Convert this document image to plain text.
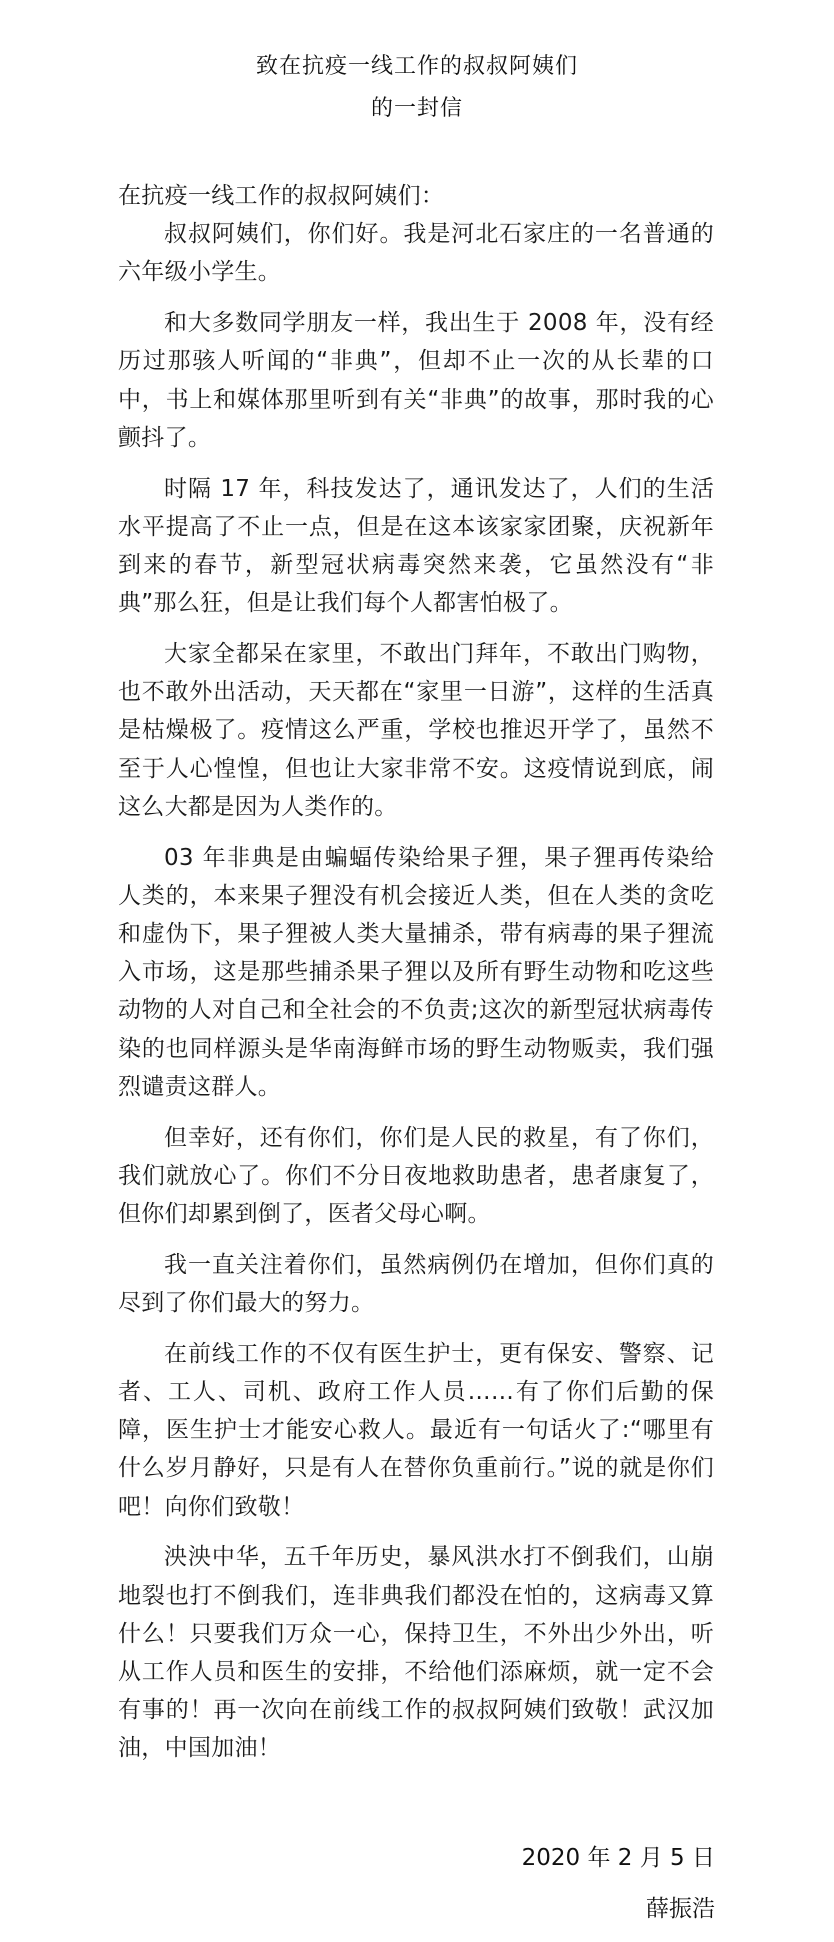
致在抗疫一线工作的叔叔阿姨们
的一封信

在抗疫一线工作的叔叔阿姨们：

叔叔阿姨们，你们好。我是河北石家庄的一名普通的六年级小学生。

和大多数同学朋友一样，我出生于 2008 年，没有经历过那骇人听闻的“非典”，但却不止一次的从长辈的口中，书上和媒体那里听到有关“非典”的故事，那时我的心颤抖了。

时隔 17 年，科技发达了，通讯发达了，人们的生活水平提高了不止一点，但是在这本该家家团聚，庆祝新年到来的春节，新型冠状病毒突然来袭，它虽然没有“非典”那么狂，但是让我们每个人都害怕极了。

大家全都呆在家里，不敢出门拜年，不敢出门购物，也不敢外出活动，天天都在“家里一日游”，这样的生活真是枯燥极了。疫情这么严重，学校也推迟开学了，虽然不至于人心惶惶，但也让大家非常不安。这疫情说到底，闹这么大都是因为人类作的。

03 年非典是由蝙蝠传染给果子狸，果子狸再传染给人类的，本来果子狸没有机会接近人类，但在人类的贪吃和虚伪下，果子狸被人类大量捕杀，带有病毒的果子狸流入市场，这是那些捕杀果子狸以及所有野生动物和吃这些动物的人对自己和全社会的不负责;这次的新型冠状病毒传染的也同样源头是华南海鲜市场的野生动物贩卖，我们强烈谴责这群人。

但幸好，还有你们，你们是人民的救星，有了你们，我们就放心了。你们不分日夜地救助患者，患者康复了，但你们却累到倒了，医者父母心啊。

我一直关注着你们，虽然病例仍在增加，但你们真的尽到了你们最大的努力。

在前线工作的不仅有医生护士，更有保安、警察、记者、工人、司机、政府工作人员……有了你们后勤的保障，医生护士才能安心救人。最近有一句话火了:“哪里有什么岁月静好，只是有人在替你负重前行。”说的就是你们吧！向你们致敬！

泱泱中华，五千年历史，暴风洪水打不倒我们，山崩地裂也打不倒我们，连非典我们都没在怕的，这病毒又算什么！只要我们万众一心，保持卫生，不外出少外出，听从工作人员和医生的安排，不给他们添麻烦，就一定不会有事的！再一次向在前线工作的叔叔阿姨们致敬！武汉加油，中国加油！

2020 年 2 月 5 日
薛振浩
